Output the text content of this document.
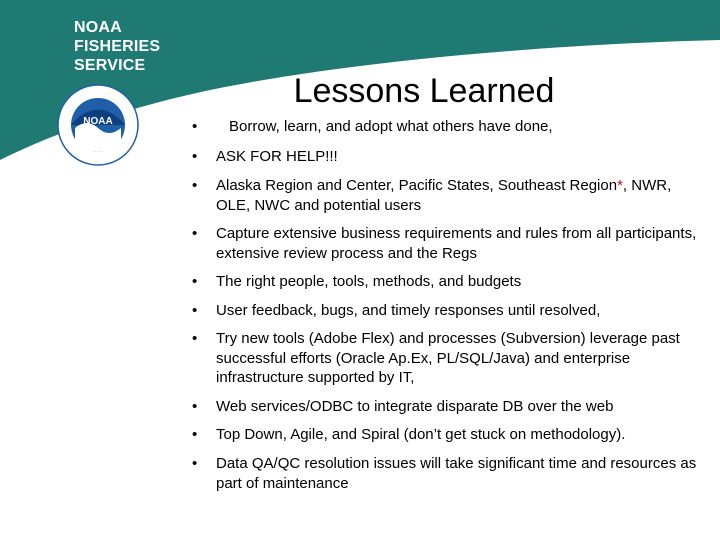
NOAA
FISHERIES
SERVICE
NOAA
Lessons Learned
•	Borrow, learn, and adopt what others have done,
•	ASK FOR HELP!!!
•	Alaska Region and Center, Pacific States, Southeast Region*, NWR, OLE, NWC and potential users
•	Capture extensive business requirements and rules from all participants, extensive review process and the Regs
•	The right people, tools, methods, and budgets
•	User feedback, bugs, and timely responses until resolved,
•	Try new tools (Adobe Flex) and processes (Subversion) leverage past successful efforts (Oracle Ap.Ex, PL/SQL/Java) and enterprise infrastructure supported by IT,
•	Web services/ODBC to integrate disparate DB over the web
•	Top Down, Agile, and Spiral (don’t get stuck on methodology).
•	Data QA/QC resolution issues will take significant time and resources as part of maintenance
